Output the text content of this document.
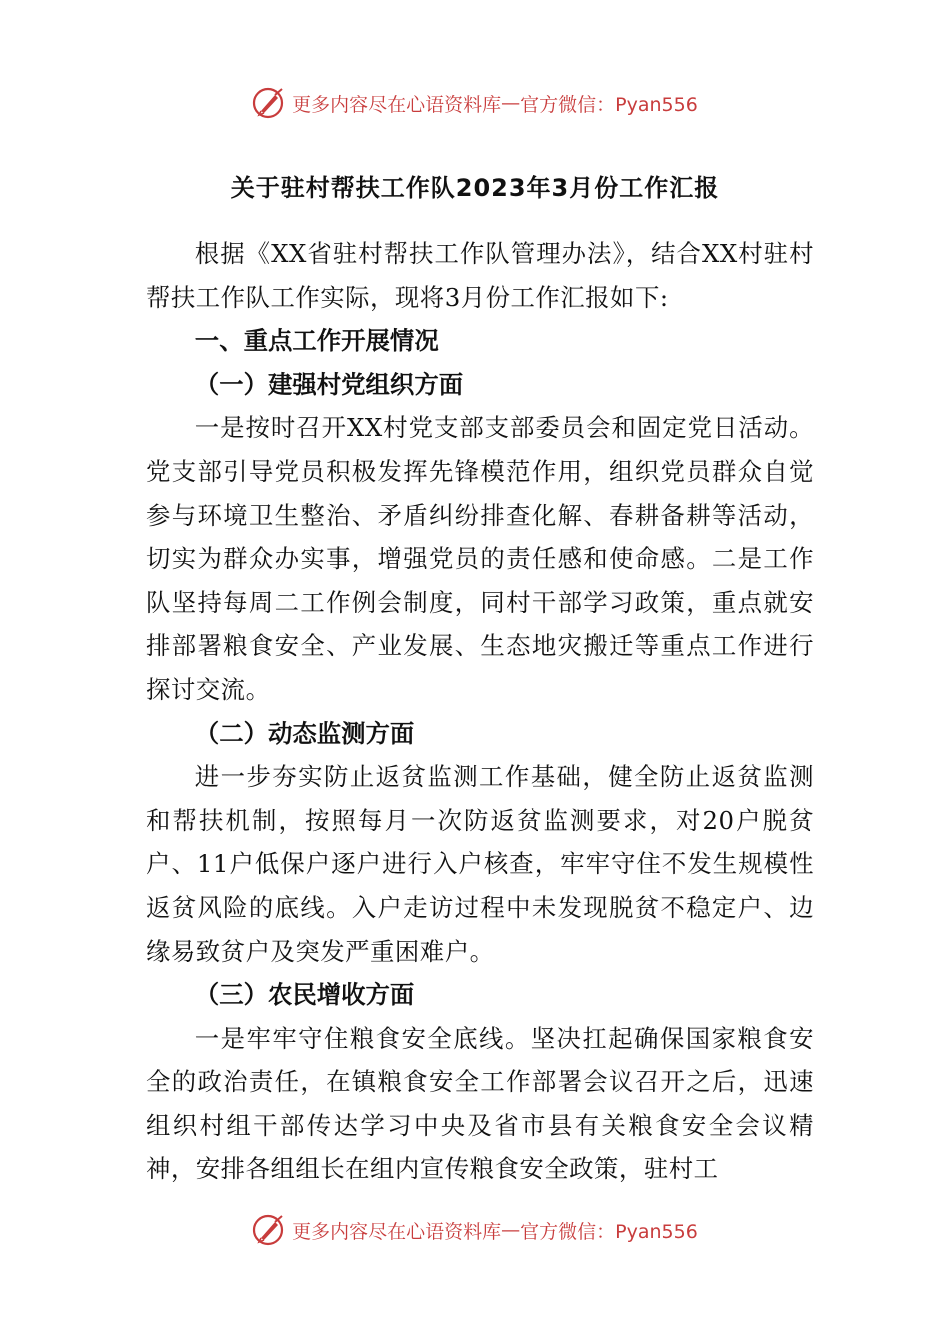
更多内容尽在心语资料库 — 官方微信：Pyan556
关于驻村帮扶工作队2023年3月份工作汇报

根据《XX省驻村帮扶工作队管理办法》，结合XX村驻村帮扶工作队工作实际，现将3月份工作汇报如下:

一、重点工作开展情况

（一）建强村党组织方面

一是按时召开XX村党支部支部委员会和固定党日活动。党支部引导党员积极发挥先锋模范作用，组织党员群众自觉参与环境卫生整治、矛盾纠纷排查化解、春耕备耕等活动，切实为群众办实事，增强党员的责任感和使命感。二是工作队坚持每周二工作例会制度，同村干部学习政策，重点就安排部署粮食安全、产业发展、生态地灾搬迁等重点工作进行探讨交流。

（二）动态监测方面

进一步夯实防止返贫监测工作基础，健全防止返贫监测和帮扶机制，按照每月一次防返贫监测要求，对20户脱贫户、11户低保户逐户进行入户核查，牢牢守住不发生规模性返贫风险的底线。入户走访过程中未发现脱贫不稳定户、边缘易致贫户及突发严重困难户。

（三）农民增收方面

一是牢牢守住粮食安全底线。坚决扛起确保国家粮食安全的政治责任，在镇粮食安全工作部署会议召开之后，迅速组织村组干部传达学习中央及省市县有关粮食安全会议精神，安排各组组长在组内宣传粮食安全政策，驻村工

更多内容尽在心语资料库 — 官方微信：Pyan556
